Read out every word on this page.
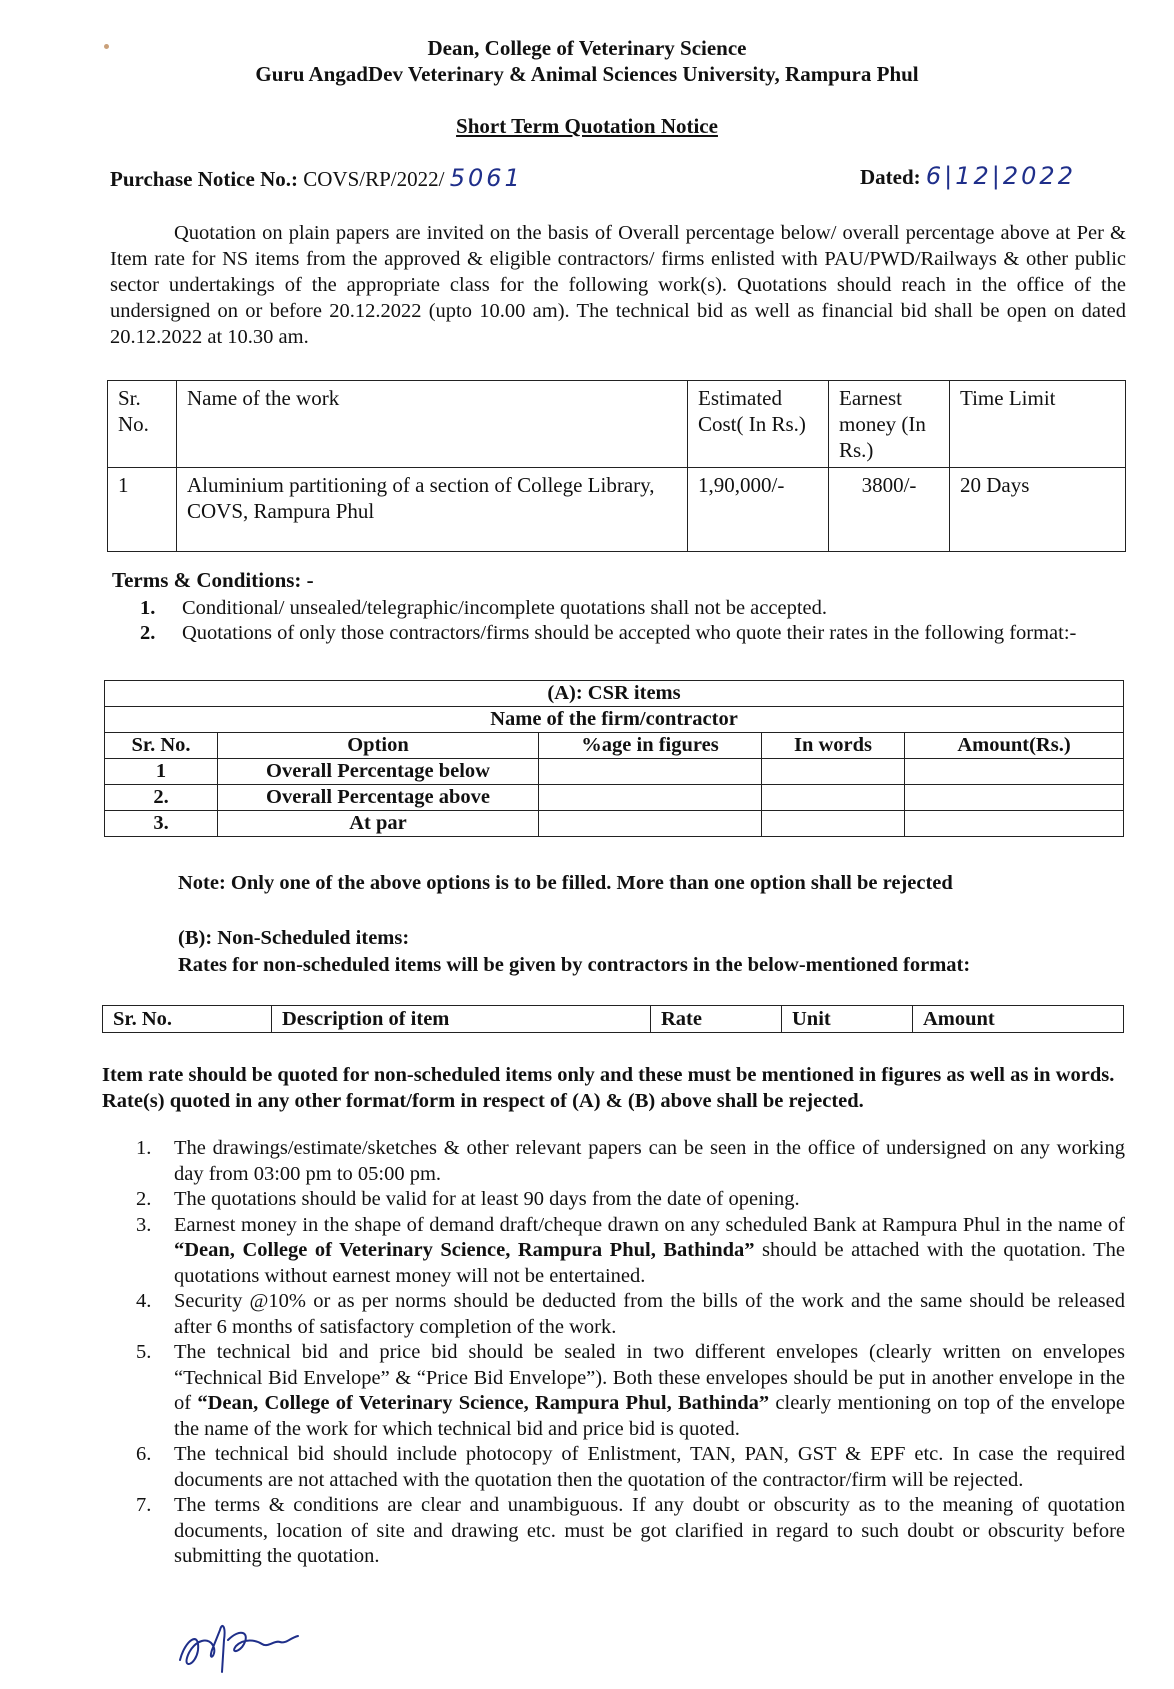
Dean, College of Veterinary Science
Guru AngadDev Veterinary & Animal Sciences University, Rampura Phul
Short Term Quotation Notice
Purchase Notice No.: COVS/RP/2022/ 5061	Dated: 6|12|2022
Quotation on plain papers are invited on the basis of Overall percentage below/ overall percentage above at Per & Item rate for NS items from the approved & eligible contractors/ firms enlisted with PAU/PWD/Railways & other public sector undertakings of the appropriate class for the following work(s). Quotations should reach in the office of the undersigned on or before 20.12.2022 (upto 10.00 am). The technical bid as well as financial bid shall be open on dated 20.12.2022 at 10.30 am.
Sr. No.	Name of the work	Estimated Cost( In Rs.)	Earnest money (In Rs.)	Time Limit
1	Aluminium partitioning of a section of College Library, COVS, Rampura Phul	1,90,000/-	3800/-	20 Days
Terms & Conditions: -
1. Conditional/ unsealed/telegraphic/incomplete quotations shall not be accepted.
2. Quotations of only those contractors/firms should be accepted who quote their rates in the following format:-
(A): CSR items				
Name of the firm/contractor				
Sr. No.	Option	%age in figures	In words	Amount(Rs.)
1	Overall Percentage below			
2.	Overall Percentage above			
3.	At par			
Note: Only one of the above options is to be filled. More than one option shall be rejected
(B): Non-Scheduled items:
Rates for non-scheduled items will be given by contractors in the below-mentioned format:
Sr. No.	Description of item	Rate	Unit	Amount
Item rate should be quoted for non-scheduled items only and these must be mentioned in figures as well as in words.
Rate(s) quoted in any other format/form in respect of (A) & (B) above shall be rejected.
1. The drawings/estimate/sketches & other relevant papers can be seen in the office of undersigned on any working day from 03:00 pm to 05:00 pm.
2. The quotations should be valid for at least 90 days from the date of opening.
3. Earnest money in the shape of demand draft/cheque drawn on any scheduled Bank at Rampura Phul in the name of “Dean, College of Veterinary Science, Rampura Phul, Bathinda” should be attached with the quotation. The quotations without earnest money will not be entertained.
4. Security @10% or as per norms should be deducted from the bills of the work and the same should be released after 6 months of satisfactory completion of the work.
5. The technical bid and price bid should be sealed in two different envelopes (clearly written on envelopes “Technical Bid Envelope” & “Price Bid Envelope”). Both these envelopes should be put in another envelope in the of “Dean, College of Veterinary Science, Rampura Phul, Bathinda” clearly mentioning on top of the envelope the name of the work for which technical bid and price bid is quoted.
6. The technical bid should include photocopy of Enlistment, TAN, PAN, GST & EPF etc. In case the required documents are not attached with the quotation then the quotation of the contractor/firm will be rejected.
7. The terms & conditions are clear and unambiguous. If any doubt or obscurity as to the meaning of quotation documents, location of site and drawing etc. must be got clarified in regard to such doubt or obscurity before submitting the quotation.
